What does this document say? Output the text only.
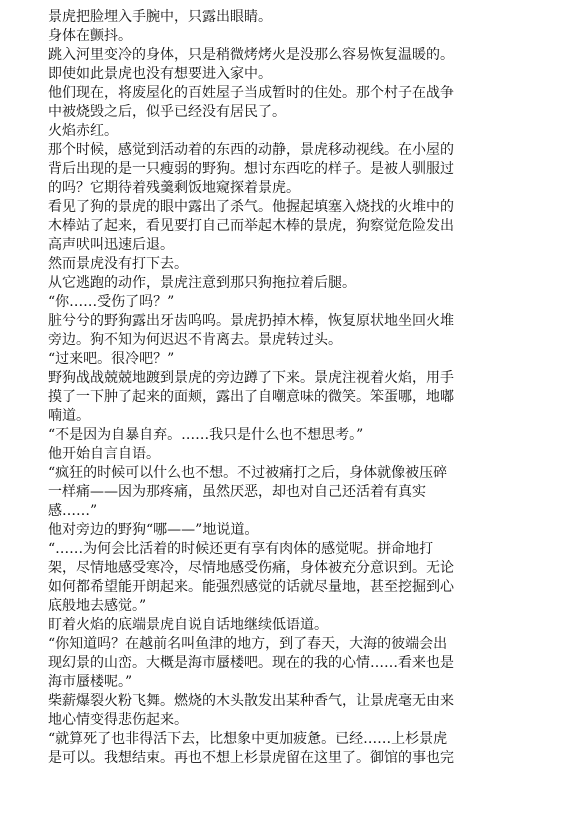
景虎把脸埋入手腕中，只露出眼睛。

身体在颤抖。

跳入河里变冷的身体，只是稍微烤烤火是没那么容易恢复温暖的。
即使如此景虎也没有想要进入家中。

他们现在，将废屋化的百姓屋子当成暂时的住处。那个村子在战争
中被烧毁之后，似乎已经没有居民了。

火焰赤红。

那个时候，感觉到活动着的东西的动静，景虎移动视线。在小屋的
背后出现的是一只瘦弱的野狗。想讨东西吃的样子。是被人驯服过
的吗？它期待着残羹剩饭地窥探着景虎。

看见了狗的景虎的眼中露出了杀气。他握起填塞入烧找的火堆中的
木棒站了起来，看见要打自己而举起木棒的景虎，狗察觉危险发出
高声吠叫迅速后退。

然而景虎没有打下去。

从它逃跑的动作，景虎注意到那只狗拖拉着后腿。

“你……受伤了吗？”

脏兮兮的野狗露出牙齿呜呜。景虎扔掉木棒，恢复原状地坐回火堆
旁边。狗不知为何迟迟不肯离去。景虎转过头。

“过来吧。很冷吧？”

野狗战战兢兢地踱到景虎的旁边蹲了下来。景虎注视着火焰，用手
摸了一下肿了起来的面颊，露出了自嘲意味的微笑。笨蛋哪，地嘟
喃道。

“不是因为自暴自弃。……我只是什么也不想思考。”

他开始自言自语。

“疯狂的时候可以什么也不想。不过被痛打之后，身体就像被压碎
一样痛——因为那疼痛，虽然厌恶，却也对自己还活着有真实
感……”

他对旁边的野狗“哪——”地说道。

“……为何会比活着的时候还更有享有肉体的感觉呢。拼命地打
架，尽情地感受寒冷，尽情地感受伤痛，身体被充分意识到。无论
如何都希望能开朗起来。能强烈感觉的话就尽量地，甚至挖掘到心
底般地去感觉。”

盯着火焰的底端景虎自说自话地继续低语道。

“你知道吗？在越前名叫鱼津的地方，到了春天，大海的彼端会出
现幻景的山峦。大概是海市蜃楼吧。现在的我的心情……看来也是
海市蜃楼呢。”

柴薪爆裂火粉飞舞。燃烧的木头散发出某种香气，让景虎毫无由来
地心情变得悲伤起来。

“就算死了也非得活下去，比想象中更加疲惫。已经……上杉景虎
是可以。我想结束。再也不想上杉景虎留在这里了。御馆的事也完
